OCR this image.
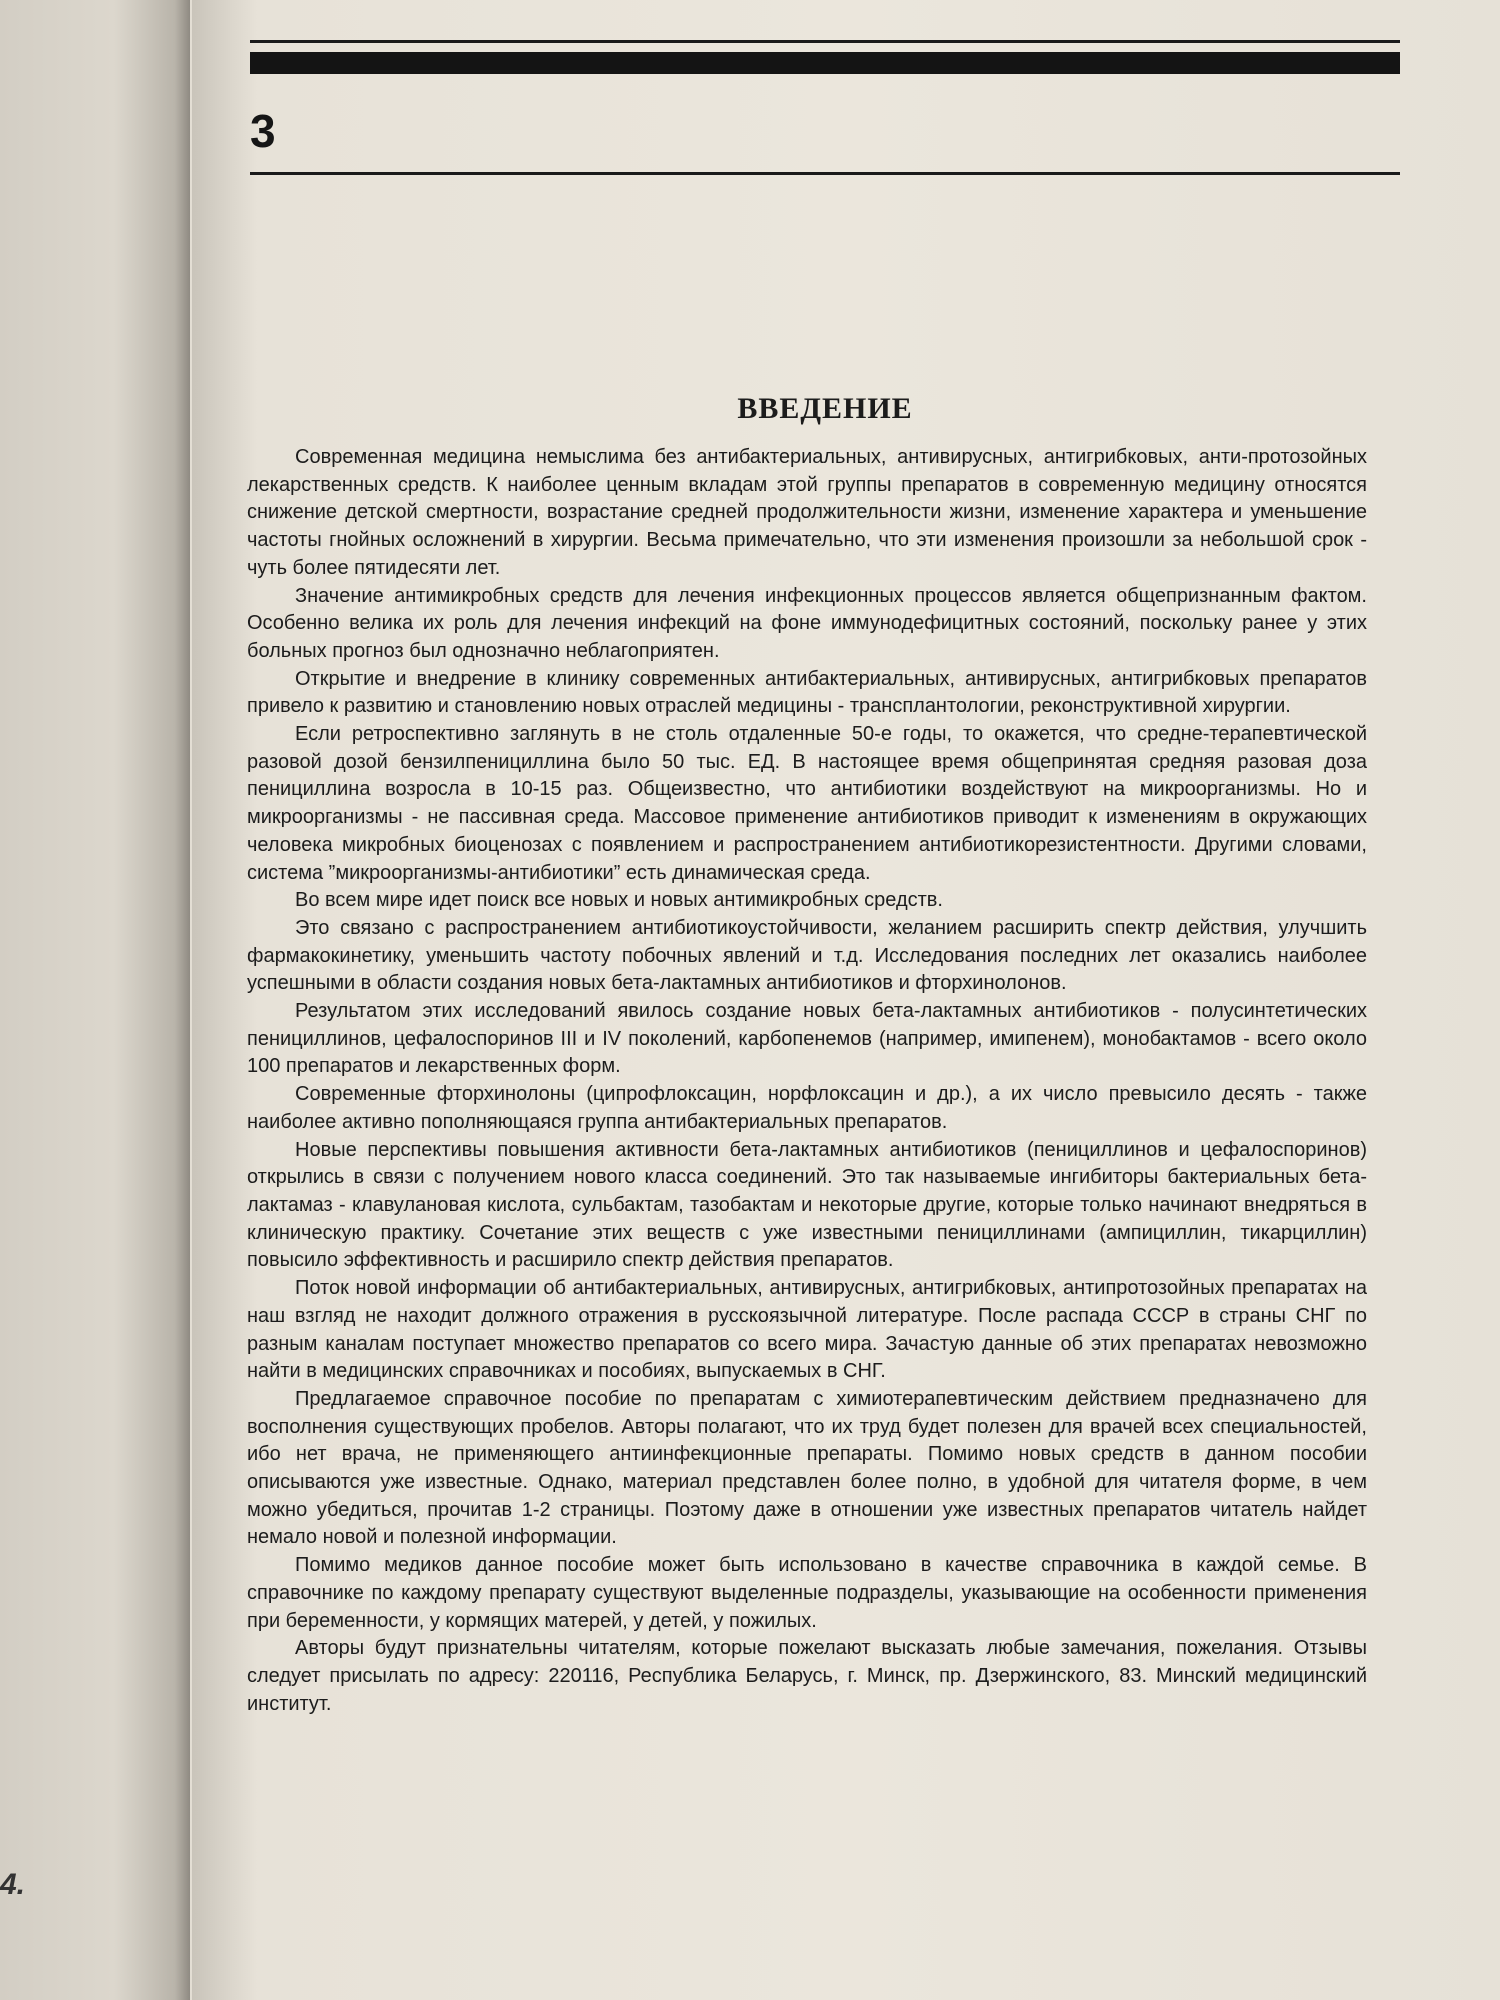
4.
3
ВВЕДЕНИЕ

Современная медицина немыслима без антибактериальных, антивирусных, антигрибковых, анти-протозойных лекарственных средств. К наиболее ценным вкладам этой группы препаратов в современную медицину относятся снижение детской смертности, возрастание средней продолжительности жизни, изменение характера и уменьшение частоты гнойных осложнений в хирургии. Весьма примечательно, что эти изменения произошли за небольшой срок - чуть более пятидесяти лет.

Значение антимикробных средств для лечения инфекционных процессов является общепризнанным фактом. Особенно велика их роль для лечения инфекций на фоне иммунодефицитных состояний, поскольку ранее у этих больных прогноз был однозначно неблагоприятен.

Открытие и внедрение в клинику современных антибактериальных, антивирусных, антигрибковых препаратов привело к развитию и становлению новых отраслей медицины - трансплантологии, реконструктивной хирургии.

Если ретроспективно заглянуть в не столь отдаленные 50-е годы, то окажется, что средне-терапевтической разовой дозой бензилпенициллина было 50 тыс. ЕД. В настоящее время общепринятая средняя разовая доза пенициллина возросла в 10-15 раз. Общеизвестно, что антибиотики воздействуют на микроорганизмы. Но и микроорганизмы - не пассивная среда. Массовое применение антибиотиков приводит к изменениям в окружающих человека микробных биоценозах с появлением и распространением антибиотикорезистентности. Другими словами, система ”микроорганизмы-антибиотики” есть динамическая среда.

Во всем мире идет поиск все новых и новых антимикробных средств.

Это связано с распространением антибиотикоустойчивости, желанием расширить спектр действия, улучшить фармакокинетику, уменьшить частоту побочных явлений и т.д. Исследования последних лет оказались наиболее успешными в области создания новых бета-лактамных антибиотиков и фторхинолонов.

Результатом этих исследований явилось создание новых бета-лактамных антибиотиков - полусинтетических пенициллинов, цефалоспоринов III и IV поколений, карбопенемов (например, имипенем), монобактамов - всего около 100 препаратов и лекарственных форм.

Современные фторхинолоны (ципрофлоксацин, норфлоксацин и др.), а их число превысило десять - также наиболее активно пополняющаяся группа антибактериальных препаратов.

Новые перспективы повышения активности бета-лактамных антибиотиков (пенициллинов и цефалоспоринов) открылись в связи с получением нового класса соединений. Это так называемые ингибиторы бактериальных бета-лактамаз - клавулановая кислота, сульбактам, тазобактам и некоторые другие, которые только начинают внедряться в клиническую практику. Сочетание этих веществ с уже известными пенициллинами (ампициллин, тикарциллин) повысило эффективность и расширило спектр действия препаратов.

Поток новой информации об антибактериальных, антивирусных, антигрибковых, антипротозойных препаратах на наш взгляд не находит должного отражения в русскоязычной литературе. После распада СССР в страны СНГ по разным каналам поступает множество препаратов со всего мира. Зачастую данные об этих препаратах невозможно найти в медицинских справочниках и пособиях, выпускаемых в СНГ.

Предлагаемое справочное пособие по препаратам с химиотерапевтическим действием предназначено для восполнения существующих пробелов. Авторы полагают, что их труд будет полезен для врачей всех специальностей, ибо нет врача, не применяющего антиинфекционные препараты. Помимо новых средств в данном пособии описываются уже известные. Однако, материал представлен более полно, в удобной для читателя форме, в чем можно убедиться, прочитав 1-2 страницы. Поэтому даже в отношении уже известных препаратов читатель найдет немало новой и полезной информации.

Помимо медиков данное пособие может быть использовано в качестве справочника в каждой семье. В справочнике по каждому препарату существуют выделенные подразделы, указывающие на особенности применения при беременности, у кормящих матерей, у детей, у пожилых.

Авторы будут признательны читателям, которые пожелают высказать любые замечания, пожелания. Отзывы следует присылать по адресу: 220116, Республика Беларусь, г. Минск, пр. Дзержинского, 83. Минский медицинский институт.
